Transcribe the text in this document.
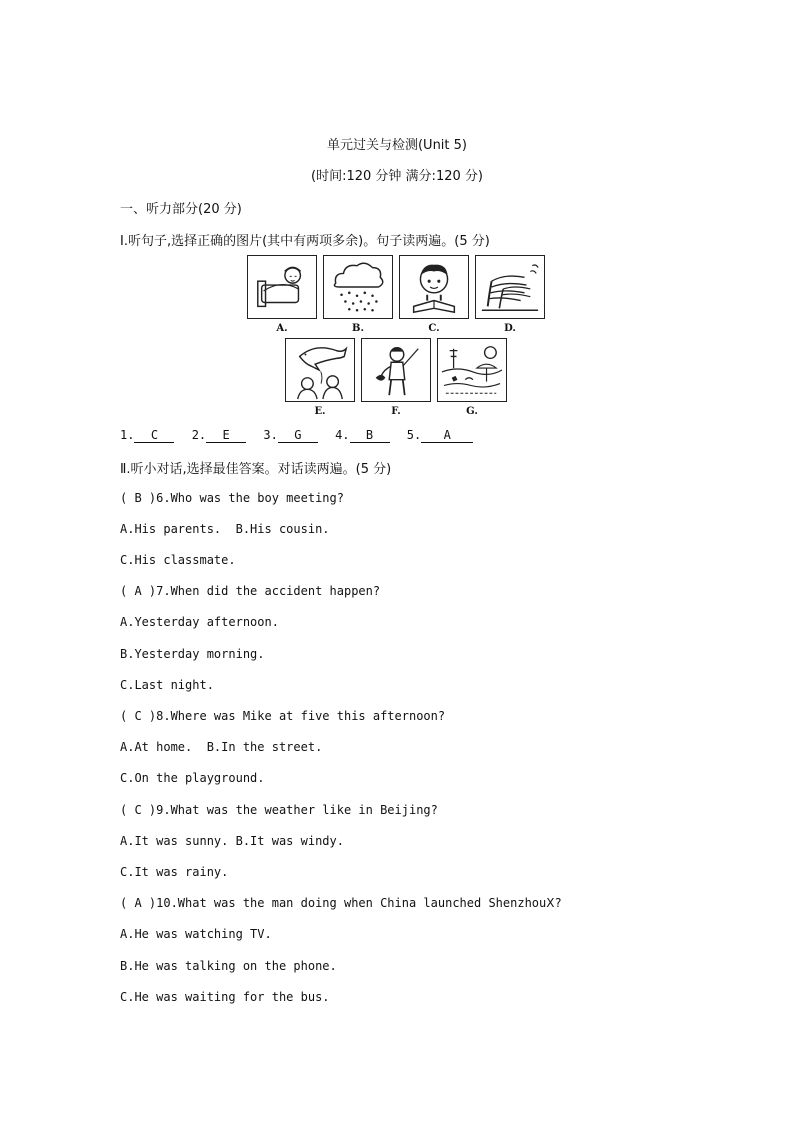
单元过关与检测(Unit 5)
(时间:120 分钟 满分:120 分)
一、听力部分(20 分)
Ⅰ.听句子,选择正确的图片(其中有两项多余)。句子读两遍。(5 分)
A.	B.	C.	D.
E.	F.	G.
1. C	2. E	3. G	4. B	5. A
Ⅱ.听小对话,选择最佳答案。对话读两遍。(5 分)
( B )6.Who was the boy meeting?
A.His parents.  B.His cousin.
C.His classmate.
( A )7.When did the accident happen?
A.Yesterday afternoon.
B.Yesterday morning.
C.Last night.
( C )8.Where was Mike at five this afternoon?
A.At home.  B.In the street.
C.On the playground.
( C )9.What was the weather like in Beijing?
A.It was sunny. B.It was windy.
C.It was rainy.
( A )10.What was the man doing when China launched ShenzhouⅩ?
A.He was watching TV.
B.He was talking on the phone.
C.He was waiting for the bus.
